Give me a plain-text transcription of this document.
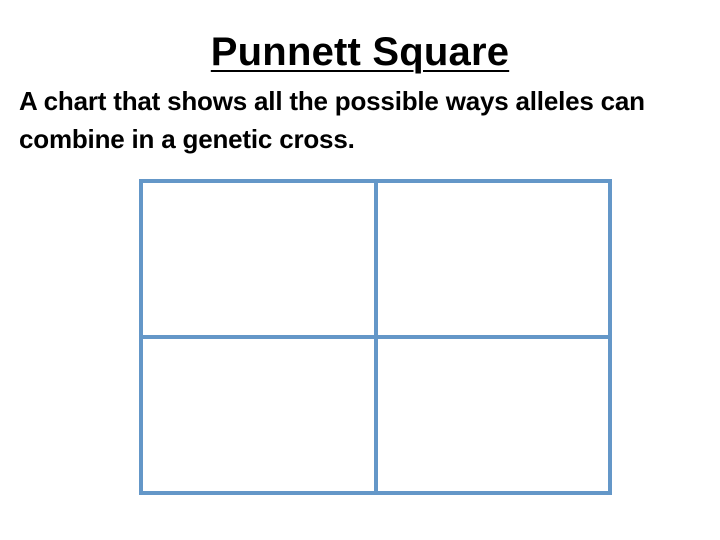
Punnett Square
A chart that shows all the possible ways alleles can combine in a genetic cross.
